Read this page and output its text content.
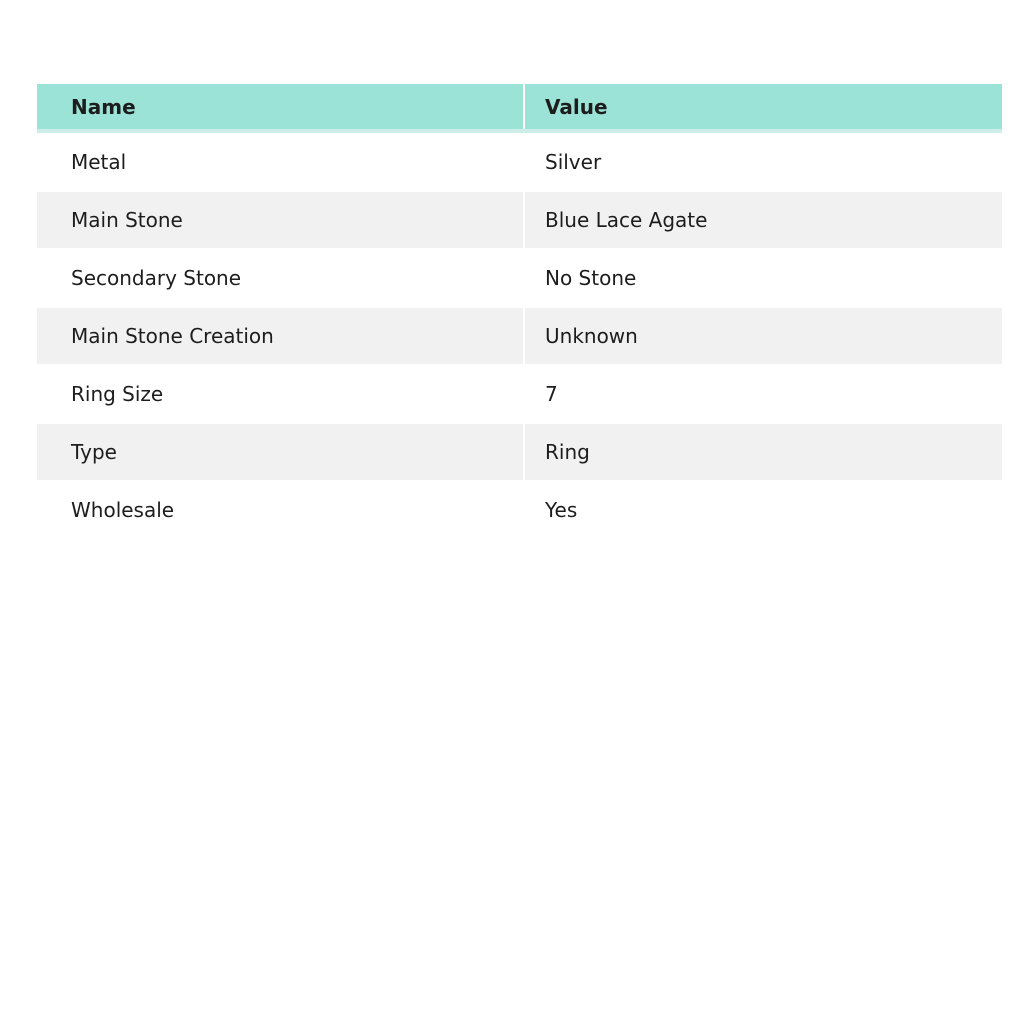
Name	Value
Metal	Silver
Main Stone	Blue Lace Agate
Secondary Stone	No Stone
Main Stone Creation	Unknown
Ring Size	7
Type	Ring
Wholesale	Yes
